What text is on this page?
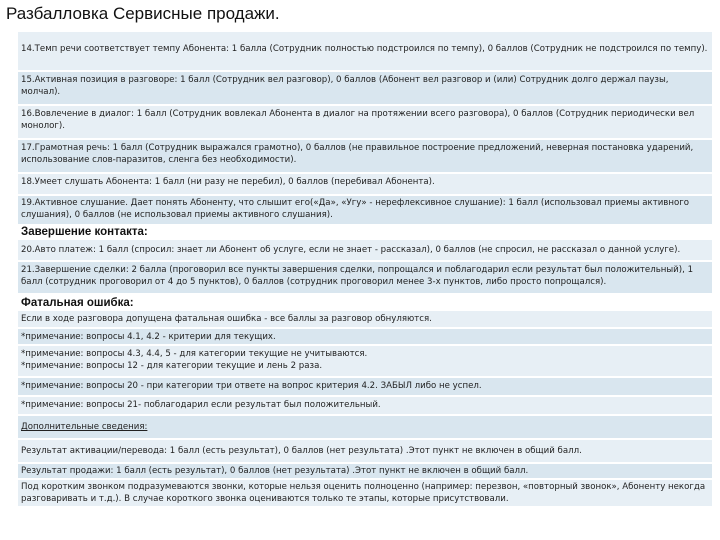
Разбалловка Сервисные продажи.
14.Темп речи соответствует темпу Абонента: 1 балла (Сотрудник полностью подстроился по темпу), 0 баллов (Сотрудник не подстроился по темпу).
15.Активная позиция в разговоре: 1 балл (Сотрудник вел разговор), 0 баллов (Абонент вел разговор и (или) Сотрудник долго держал паузы, молчал).
16.Вовлечение в диалог: 1 балл (Сотрудник вовлекал Абонента в диалог на протяжении всего разговора), 0 баллов (Сотрудник периодически вел монолог).
17.Грамотная речь: 1 балл (Сотрудник выражался грамотно), 0 баллов (не правильное построение предложений, неверная постановка ударений, использование слов-паразитов, сленга без необходимости).
18.Умеет слушать Абонента: 1 балл (ни разу не перебил), 0 баллов (перебивал Абонента).
19.Активное слушание. Дает понять Абоненту, что слышит его(«Да», «Угу» - нерефлексивное слушание): 1 балл (использовал приемы активного слушания), 0 баллов (не использовал приемы активного слушания).
Завершение контакта:
20.Авто платеж: 1 балл (спросил: знает ли Абонент об услуге, если не знает - рассказал), 0 баллов (не спросил, не рассказал о данной услуге).
21.Завершение сделки: 2 балла (проговорил все пункты завершения сделки, попрощался и поблагодарил если результат был положительный), 1 балл (сотрудник проговорил от 4 до 5 пунктов), 0 баллов (сотрудник проговорил менее 3-х пунктов, либо просто попрощался).
Фатальная ошибка:
Если в ходе разговора допущена фатальная ошибка - все баллы за разговор обнуляются.
*примечание: вопросы 4.1, 4.2 - критерии для текущих.
*примечание: вопросы 4.3, 4.4, 5 - для категории текущие не учитываются.
*примечание: вопросы 12 - для категории текущие и лень 2 раза.
*примечание: вопросы 20 - при категории три ответе на вопрос критерия 4.2. ЗАБЫЛ либо не успел.
*примечание: вопросы 21- поблагодарил если результат был положительный.
Дополнительные сведения:
Результат активации/перевода: 1 балл (есть результат), 0 баллов (нет результата) .Этот пункт не включен в общий балл.
Результат продажи: 1 балл (есть результат), 0 баллов (нет результата) .Этот пункт не включен в общий балл.
Под коротким звонком подразумеваются звонки, которые нельзя оценить полноценно (например: перезвон, «повторный звонок», Абоненту некогда разговаривать и т.д.). В случае короткого звонка оцениваются только те этапы, которые присутствовали.
